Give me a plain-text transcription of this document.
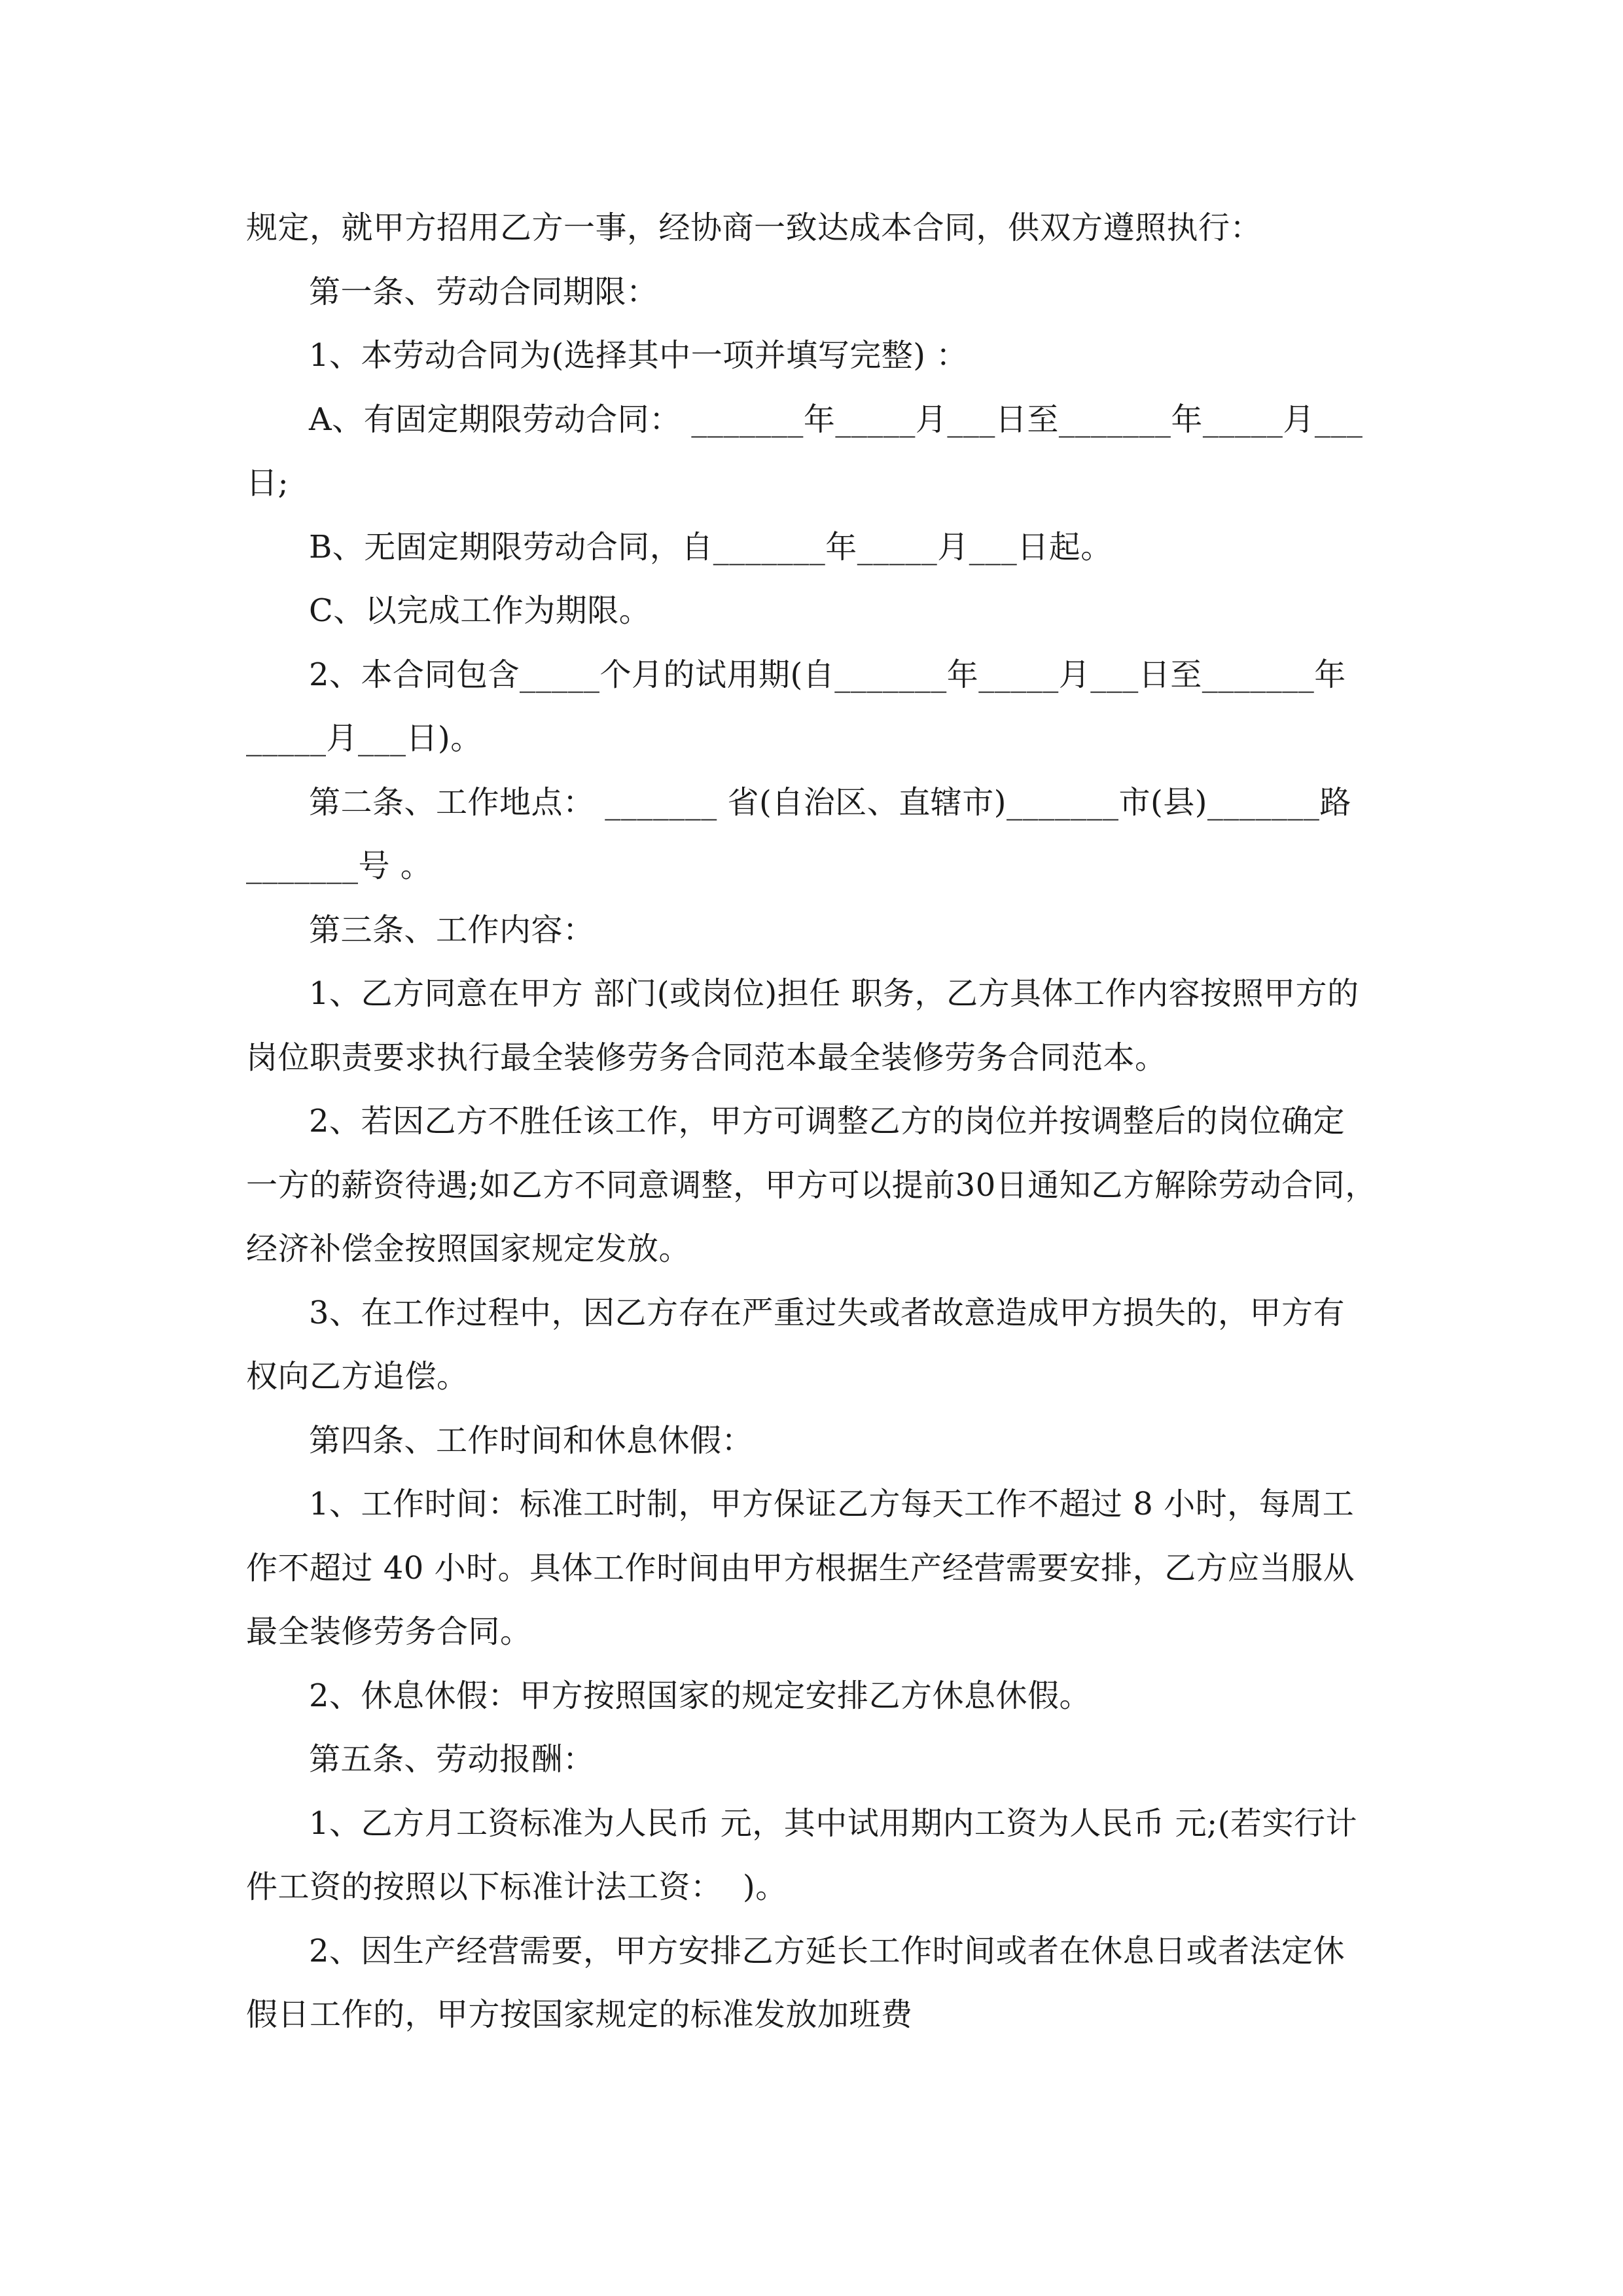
规定，就甲方招用乙方一事，经协商一致达成本合同，供双方遵照执行：
第一条、劳动合同期限：
1、本劳动合同为(选择其中一项并填写完整) ：
A、有固定期限劳动合同： _______年_____月___日至_______年_____月___
日;
B、无固定期限劳动合同，自_______年_____月___日起。
C、以完成工作为期限。
2、本合同包含_____个月的试用期(自_______年_____月___日至_______年
_____月___日)。
第二条、工作地点： _______ 省(自治区、直辖市)_______市(县)_______路
_______号 。
第三条、工作内容：
1、乙方同意在甲方 部门(或岗位)担任 职务，乙方具体工作内容按照甲方的
岗位职责要求执行最全装修劳务合同范本最全装修劳务合同范本。
2、若因乙方不胜任该工作，甲方可调整乙方的岗位并按调整后的岗位确定
一方的薪资待遇;如乙方不同意调整，甲方可以提前30日通知乙方解除劳动合同，
经济补偿金按照国家规定发放。
3、在工作过程中，因乙方存在严重过失或者故意造成甲方损失的，甲方有
权向乙方追偿。
第四条、工作时间和休息休假：
1、工作时间：标准工时制，甲方保证乙方每天工作不超过 8 小时，每周工
作不超过 40 小时。具体工作时间由甲方根据生产经营需要安排，乙方应当服从
最全装修劳务合同。
2、休息休假：甲方按照国家的规定安排乙方休息休假。
第五条、劳动报酬：
1、乙方月工资标准为人民币 元，其中试用期内工资为人民币 元;(若实行计
件工资的按照以下标准计法工资：  )。
2、因生产经营需要，甲方安排乙方延长工作时间或者在休息日或者法定休
假日工作的，甲方按国家规定的标准发放加班费
